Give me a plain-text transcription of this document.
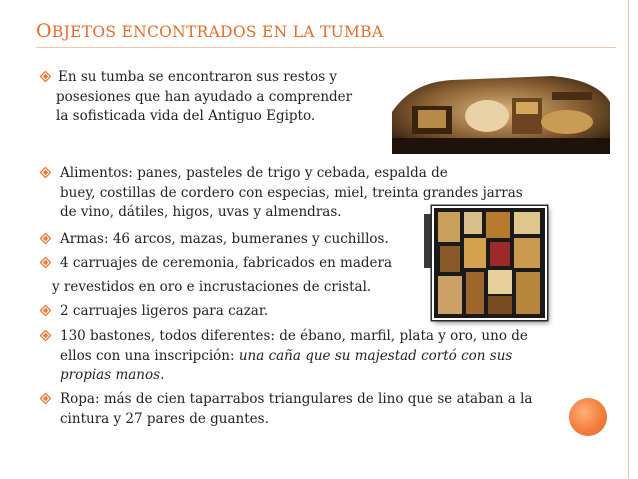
OBJETOS ENCONTRADOS EN LA TUMBA
En su tumba se encontraron sus restos y
posesiones que han ayudado a comprender
la sofisticada vida del Antiguo Egipto.
Alimentos: panes, pasteles de trigo y cebada, espalda de
buey, costillas de cordero con especias, miel, treinta grandes jarras
de vino, dátiles, higos, uvas y almendras.
Armas: 46 arcos, mazas, bumeranes y cuchillos.
4 carruajes de ceremonia, fabricados en madera
y revestidos en oro e incrustaciones de cristal.
2 carruajes ligeros para cazar.
130 bastones, todos diferentes: de ébano, marfil, plata y oro, uno de
ellos con una inscripción: una caña que su majestad cortó con sus
propias manos.
Ropa: más de cien taparrabos triangulares de lino que se ataban a la
cintura y 27 pares de guantes.
